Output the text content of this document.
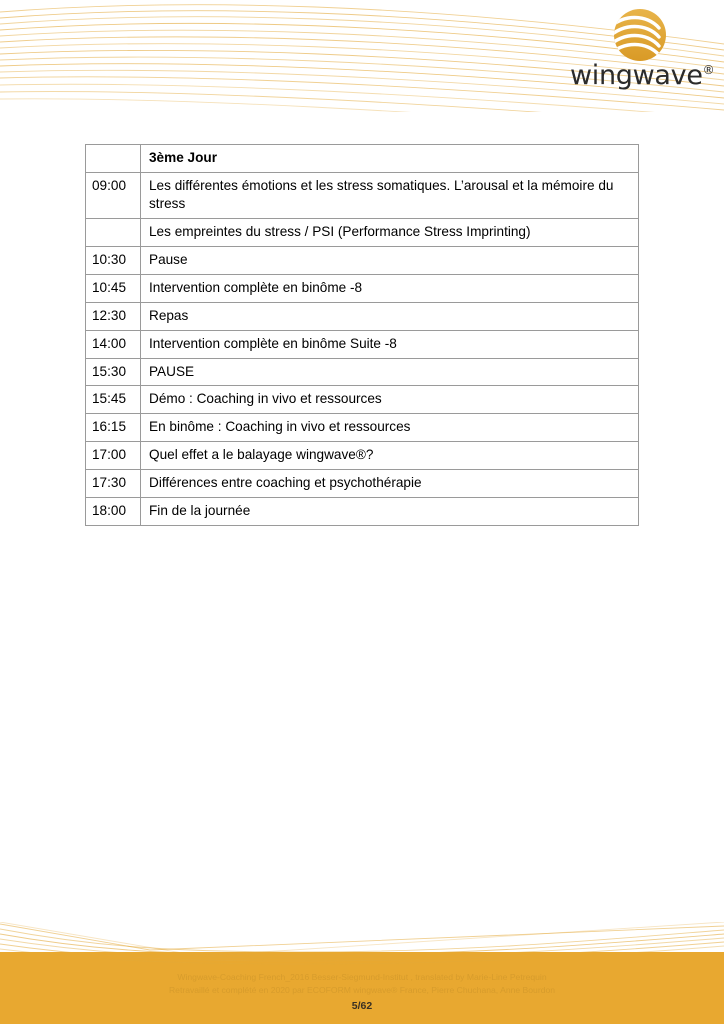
wingwave®
	3ème Jour
09:00	Les différentes émotions et les stress somatiques. L’arousal et la mémoire du stress
	Les empreintes du stress / PSI (Performance Stress Imprinting)
10:30	Pause
10:45	Intervention complète en binôme -8
12:30	Repas
14:00	Intervention complète en binôme Suite -8
15:30	PAUSE
15:45	Démo : Coaching in vivo et ressources
16:15	En binôme : Coaching in vivo et ressources
17:00	Quel effet a le balayage wingwave®?
17:30	Différences entre coaching et psychothérapie
18:00	Fin de la journée
Wingwave-Coaching French_2016 Besser-Siegmund-Institut , translated by Marie-Line Petrequin
Retravaillé et complété en 2020 par ECOFORM wingwave® France, Pierre Chuchana, Anne Bourdon
5/62
